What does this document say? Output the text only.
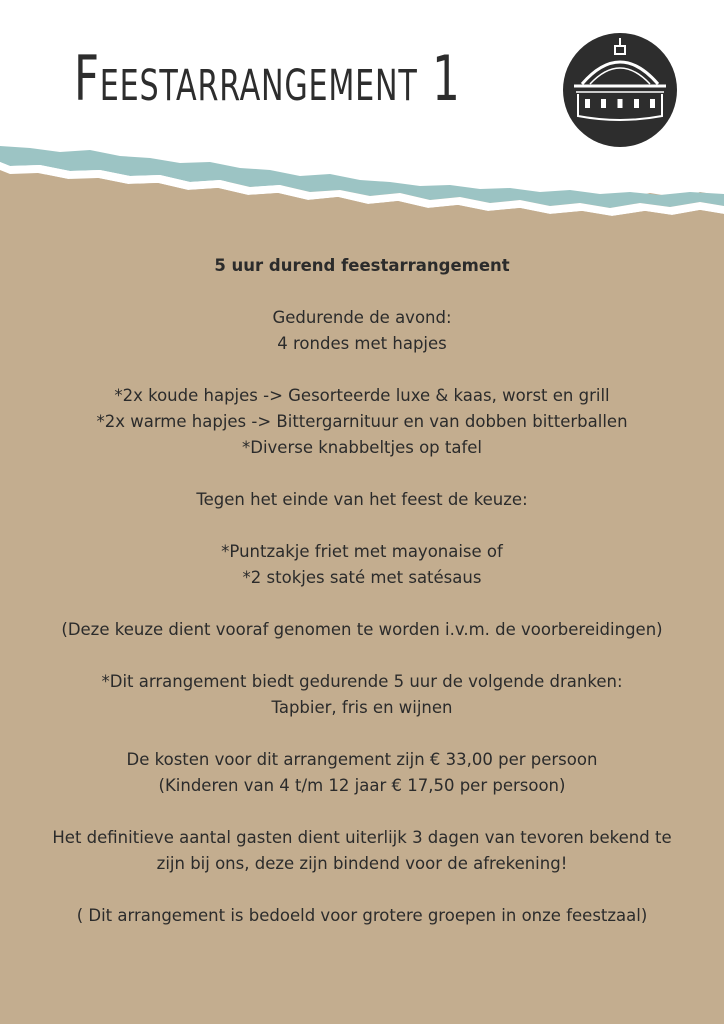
Feestarrangement 1

5 uur durend feestarrangement

Gedurende de avond:
4 rondes met hapjes

*2x koude hapjes -> Gesorteerde luxe & kaas, worst en grill
*2x warme hapjes -> Bittergarnituur en van dobben bitterballen
*Diverse knabbeltjes op tafel

Tegen het einde van het feest de keuze:

*Puntzakje friet met mayonaise of
*2 stokjes saté met satésaus

(Deze keuze dient vooraf genomen te worden i.v.m. de voorbereidingen)

*Dit arrangement biedt gedurende 5 uur de volgende dranken:
Tapbier, fris en wijnen

De kosten voor dit arrangement zijn € 33,00 per persoon
(Kinderen van 4 t/m 12 jaar € 17,50 per persoon)

Het definitieve aantal gasten dient uiterlijk 3 dagen van tevoren bekend te
zijn bij ons, deze zijn bindend voor de afrekening!

( Dit arrangement is bedoeld voor grotere groepen in onze feestzaal)
